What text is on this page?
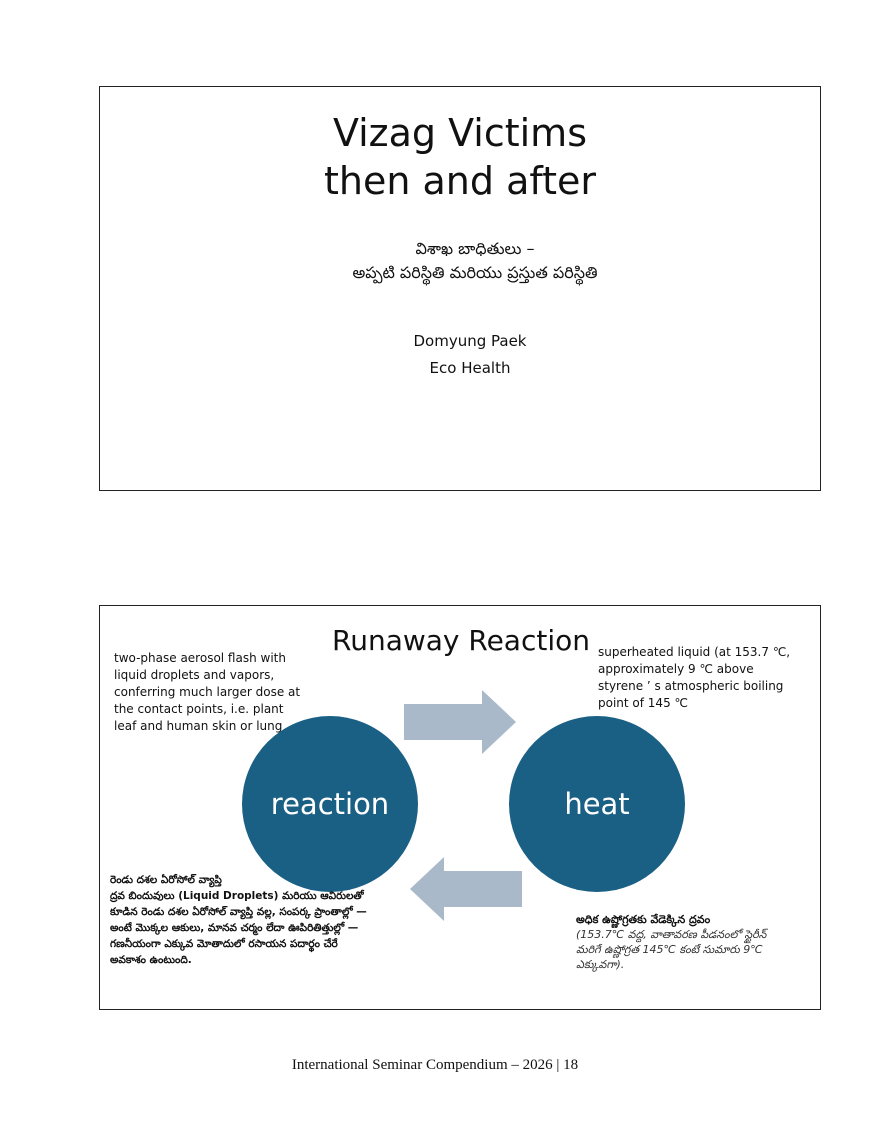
Vizag Victims
then and after
విశాఖ బాధితులు –
అప్పటి పరిస్థితి మరియు ప్రస్తుత పరిస్థితి
Domyung Paek
Eco Health
Runaway Reaction
two-phase aerosol flash with liquid droplets and vapors, conferring much larger dose at the contact points, i.e. plant leaf and human skin or lung
superheated liquid (at 153.7 ℃, approximately 9 ℃ above styrene ’ s atmospheric boiling point of 145 ℃
reaction	heat
రెండు దశల ఏరోసోల్ వ్యాప్తి
ద్రవ బిందువులు (Liquid Droplets) మరియు ఆవిరులతో కూడిన రెండు దశల ఏరోసోల్ వ్యాప్తి వల్ల, సంపర్క ప్రాంతాల్లో — అంటే మొక్కల ఆకులు, మానవ చర్మం లేదా ఊపిరితిత్తుల్లో — గణనీయంగా ఎక్కువ మోతాదులో రసాయన పదార్థం చేరే అవకాశం ఉంటుంది.
అధిక ఉష్ణోగ్రతకు వేడెక్కిన ద్రవం
(153.7℃ వద్ద, వాతావరణ పీడనంలో స్టైరీన్ మరిగే ఉష్ణోగ్రత 145℃ కంటే సుమారు 9℃ ఎక్కువగా).
International Seminar Compendium – 2026 | 18
